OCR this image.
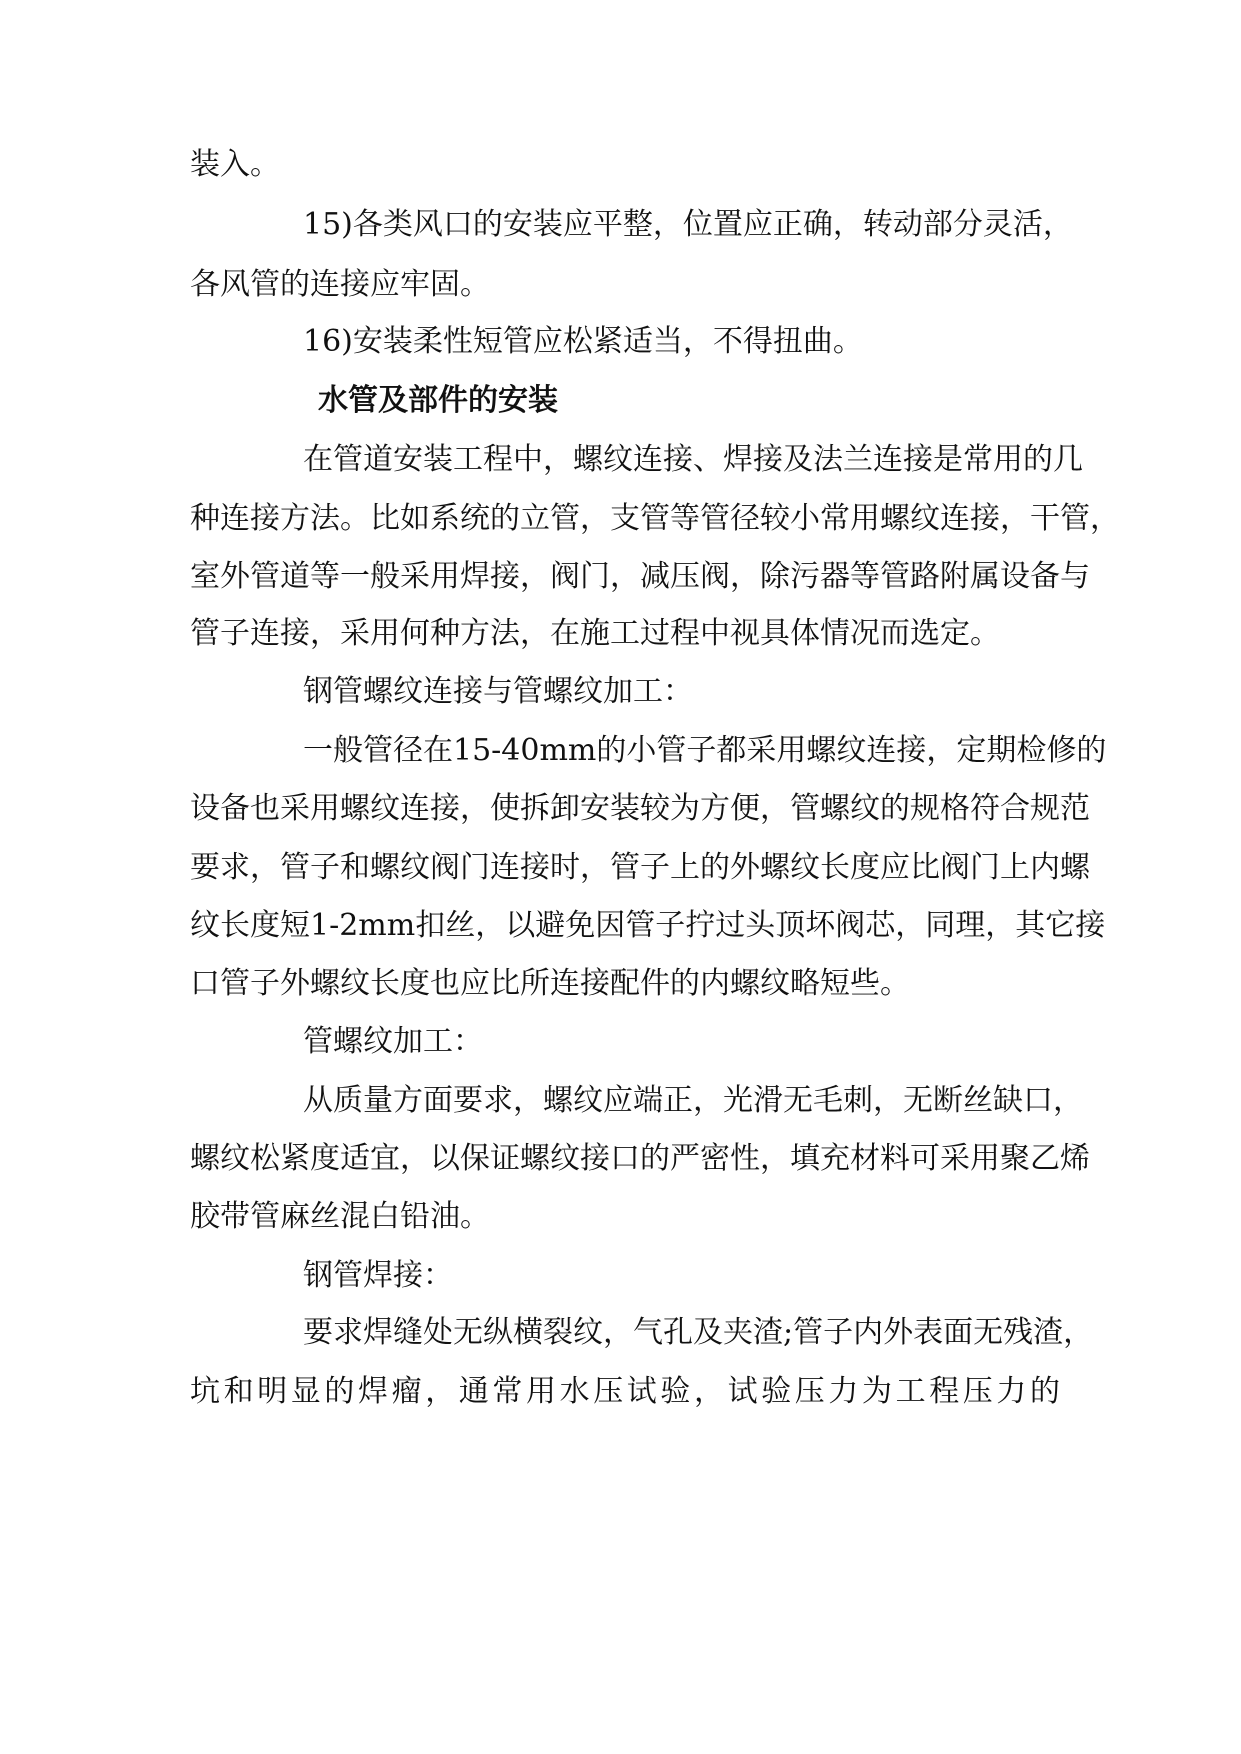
装入。
15)各类风口的安装应平整，位置应正确，转动部分灵活，
各风管的连接应牢固。
16)安装柔性短管应松紧适当，不得扭曲。
水管及部件的安装
在管道安装工程中，螺纹连接、焊接及法兰连接是常用的几
种连接方法。比如系统的立管，支管等管径较小常用螺纹连接，干管，
室外管道等一般采用焊接，阀门，减压阀，除污器等管路附属设备与
管子连接，采用何种方法，在施工过程中视具体情况而选定。
钢管螺纹连接与管螺纹加工：
一般管径在15-40mm的小管子都采用螺纹连接，定期检修的
设备也采用螺纹连接，使拆卸安装较为方便，管螺纹的规格符合规范
要求，管子和螺纹阀门连接时，管子上的外螺纹长度应比阀门上内螺
纹长度短1-2mm扣丝，以避免因管子拧过头顶坏阀芯，同理，其它接
口管子外螺纹长度也应比所连接配件的内螺纹略短些。
管螺纹加工：
从质量方面要求，螺纹应端正，光滑无毛刺，无断丝缺口，
螺纹松紧度适宜，以保证螺纹接口的严密性，填充材料可采用聚乙烯
胶带管麻丝混白铅油。
钢管焊接：
要求焊缝处无纵横裂纹，气孔及夹渣;管子内外表面无残渣，
坑和明显的焊瘤，通常用水压试验，试验压力为工程压力的
